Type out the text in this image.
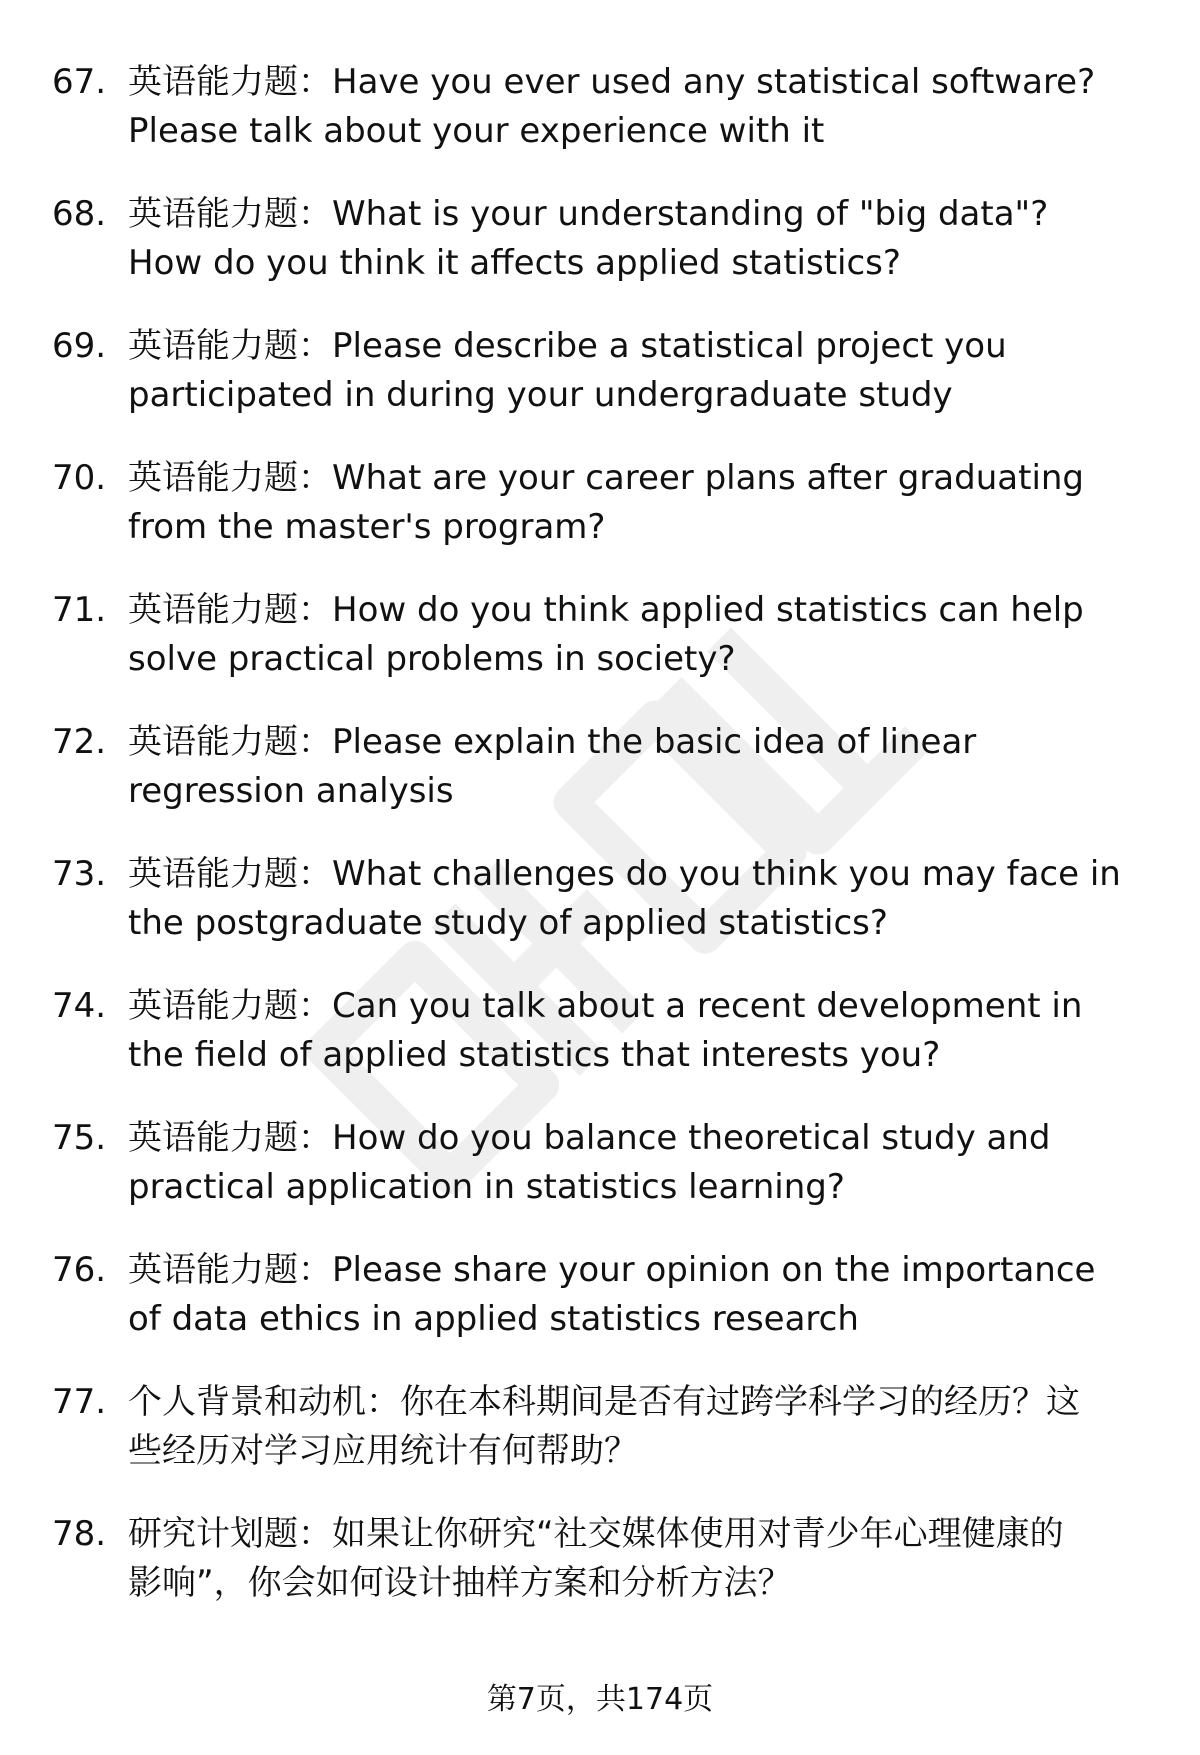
67. 英语能力题：Have you ever used any statistical software?
Please talk about your experience with it
68. 英语能力题：What is your understanding of "big data"?
How do you think it affects applied statistics?
69. 英语能力题：Please describe a statistical project you
participated in during your undergraduate study
70. 英语能力题：What are your career plans after graduating
from the master's program?
71. 英语能力题：How do you think applied statistics can help
solve practical problems in society?
72. 英语能力题：Please explain the basic idea of linear
regression analysis
73. 英语能力题：What challenges do you think you may face in
the postgraduate study of applied statistics?
74. 英语能力题：Can you talk about a recent development in
the field of applied statistics that interests you?
75. 英语能力题：How do you balance theoretical study and
practical application in statistics learning?
76. 英语能力题：Please share your opinion on the importance
of data ethics in applied statistics research
77. 个人背景和动机：你在本科期间是否有过跨学科学习的经历？这
些经历对学习应用统计有何帮助？
78. 研究计划题：如果让你研究“社交媒体使用对青少年心理健康的
影响”，你会如何设计抽样方案和分析方法？
第7页，共174页
